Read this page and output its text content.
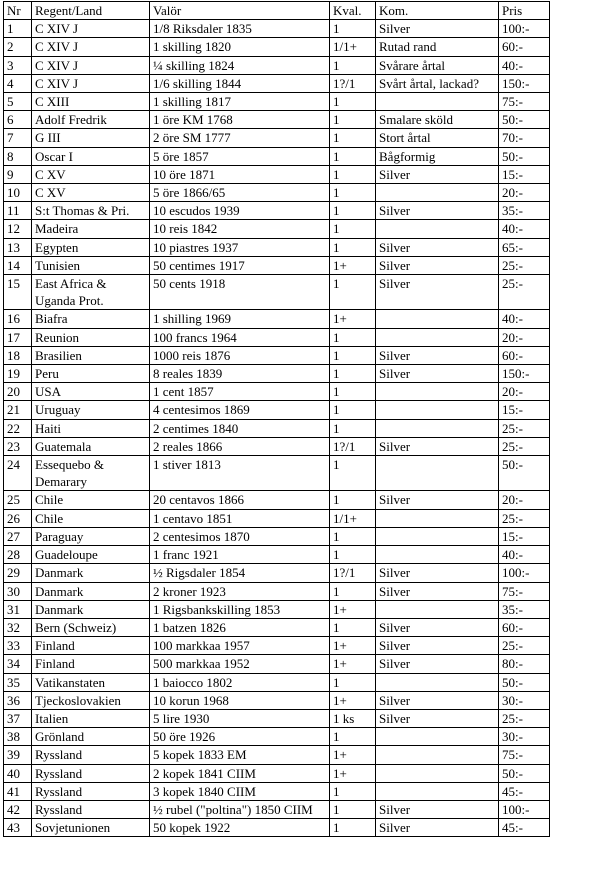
Nr	Regent/Land	Valör	Kval.	Kom.	Pris
1	C XIV J	1/8 Riksdaler 1835	1	Silver	100:-
2	C XIV J	1 skilling 1820	1/1+	Rutad rand	60:-
3	C XIV J	¼ skilling 1824	1	Svårare årtal	40:-
4	C XIV J	1/6 skilling 1844	1?/1	Svårt årtal, lackad?	150:-
5	C XIII	1 skilling 1817	1		75:-
6	Adolf Fredrik	1 öre KM 1768	1	Smalare sköld	50:-
7	G III	2 öre SM 1777	1	Stort årtal	70:-
8	Oscar I	5 öre 1857	1	Bågformig	50:-
9	C XV	10 öre 1871	1	Silver	15:-
10	C XV	5 öre 1866/65	1		20:-
11	S:t Thomas & Pri.	10 escudos 1939	1	Silver	35:-
12	Madeira	10 reis 1842	1		40:-
13	Egypten	10 piastres 1937	1	Silver	65:-
14	Tunisien	50 centimes 1917	1+	Silver	25:-
15	East Africa & Uganda Prot.	50 cents 1918	1	Silver	25:-
16	Biafra	1 shilling 1969	1+		40:-
17	Reunion	100 francs 1964	1		20:-
18	Brasilien	1000 reis 1876	1	Silver	60:-
19	Peru	8 reales 1839	1	Silver	150:-
20	USA	1 cent 1857	1		20:-
21	Uruguay	4 centesimos 1869	1		15:-
22	Haiti	2 centimes 1840	1		25:-
23	Guatemala	2 reales 1866	1?/1	Silver	25:-
24	Essequebo & Demarary	1 stiver 1813	1		50:-
25	Chile	20 centavos 1866	1	Silver	20:-
26	Chile	1 centavo 1851	1/1+		25:-
27	Paraguay	2 centesimos 1870	1		15:-
28	Guadeloupe	1 franc 1921	1		40:-
29	Danmark	½ Rigsdaler 1854	1?/1	Silver	100:-
30	Danmark	2 kroner 1923	1	Silver	75:-
31	Danmark	1 Rigsbankskilling 1853	1+		35:-
32	Bern (Schweiz)	1 batzen 1826	1	Silver	60:-
33	Finland	100 markkaa 1957	1+	Silver	25:-
34	Finland	500 markkaa 1952	1+	Silver	80:-
35	Vatikanstaten	1 baiocco 1802	1		50:-
36	Tjeckoslovakien	10 korun 1968	1+	Silver	30:-
37	Italien	5 lire 1930	1 ks	Silver	25:-
38	Grönland	50 öre 1926	1		30:-
39	Ryssland	5 kopek 1833 EM	1+		75:-
40	Ryssland	2 kopek 1841 CIIM	1+		50:-
41	Ryssland	3 kopek 1840 CIIM	1		45:-
42	Ryssland	½ rubel ("poltina") 1850 CIIM	1	Silver	100:-
43	Sovjetunionen	50 kopek 1922	1	Silver	45:-
